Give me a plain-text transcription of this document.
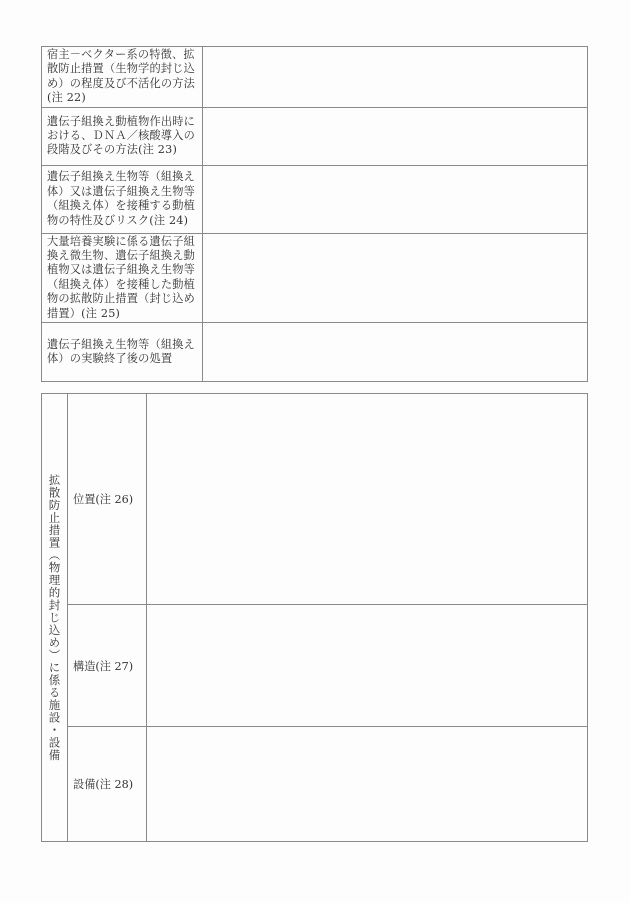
宿主－ベクター系の特徴、拡散防止措置（生物学的封じ込め）の程度及び不活化の方法(注 22)	
遺伝子組換え動植物作出時における、ＤＮＡ／核酸導入の段階及びその方法(注 23)	
遺伝子組換え生物等（組換え体）又は遺伝子組換え生物等（組換え体）を接種する動植物の特性及びリスク(注 24)	
大量培養実験に係る遺伝子組換え微生物、遺伝子組換え動植物又は遺伝子組換え生物等（組換え体）を接種した動植物の拡散防止措置（封じ込め措置）(注 25)	
遺伝子組換え生物等（組換え体）の実験終了後の処置	
拡散防止措置（物理的封じ込め）に係る施設・設備	位置(注 26)	
	構造(注 27)	
	設備(注 28)	
